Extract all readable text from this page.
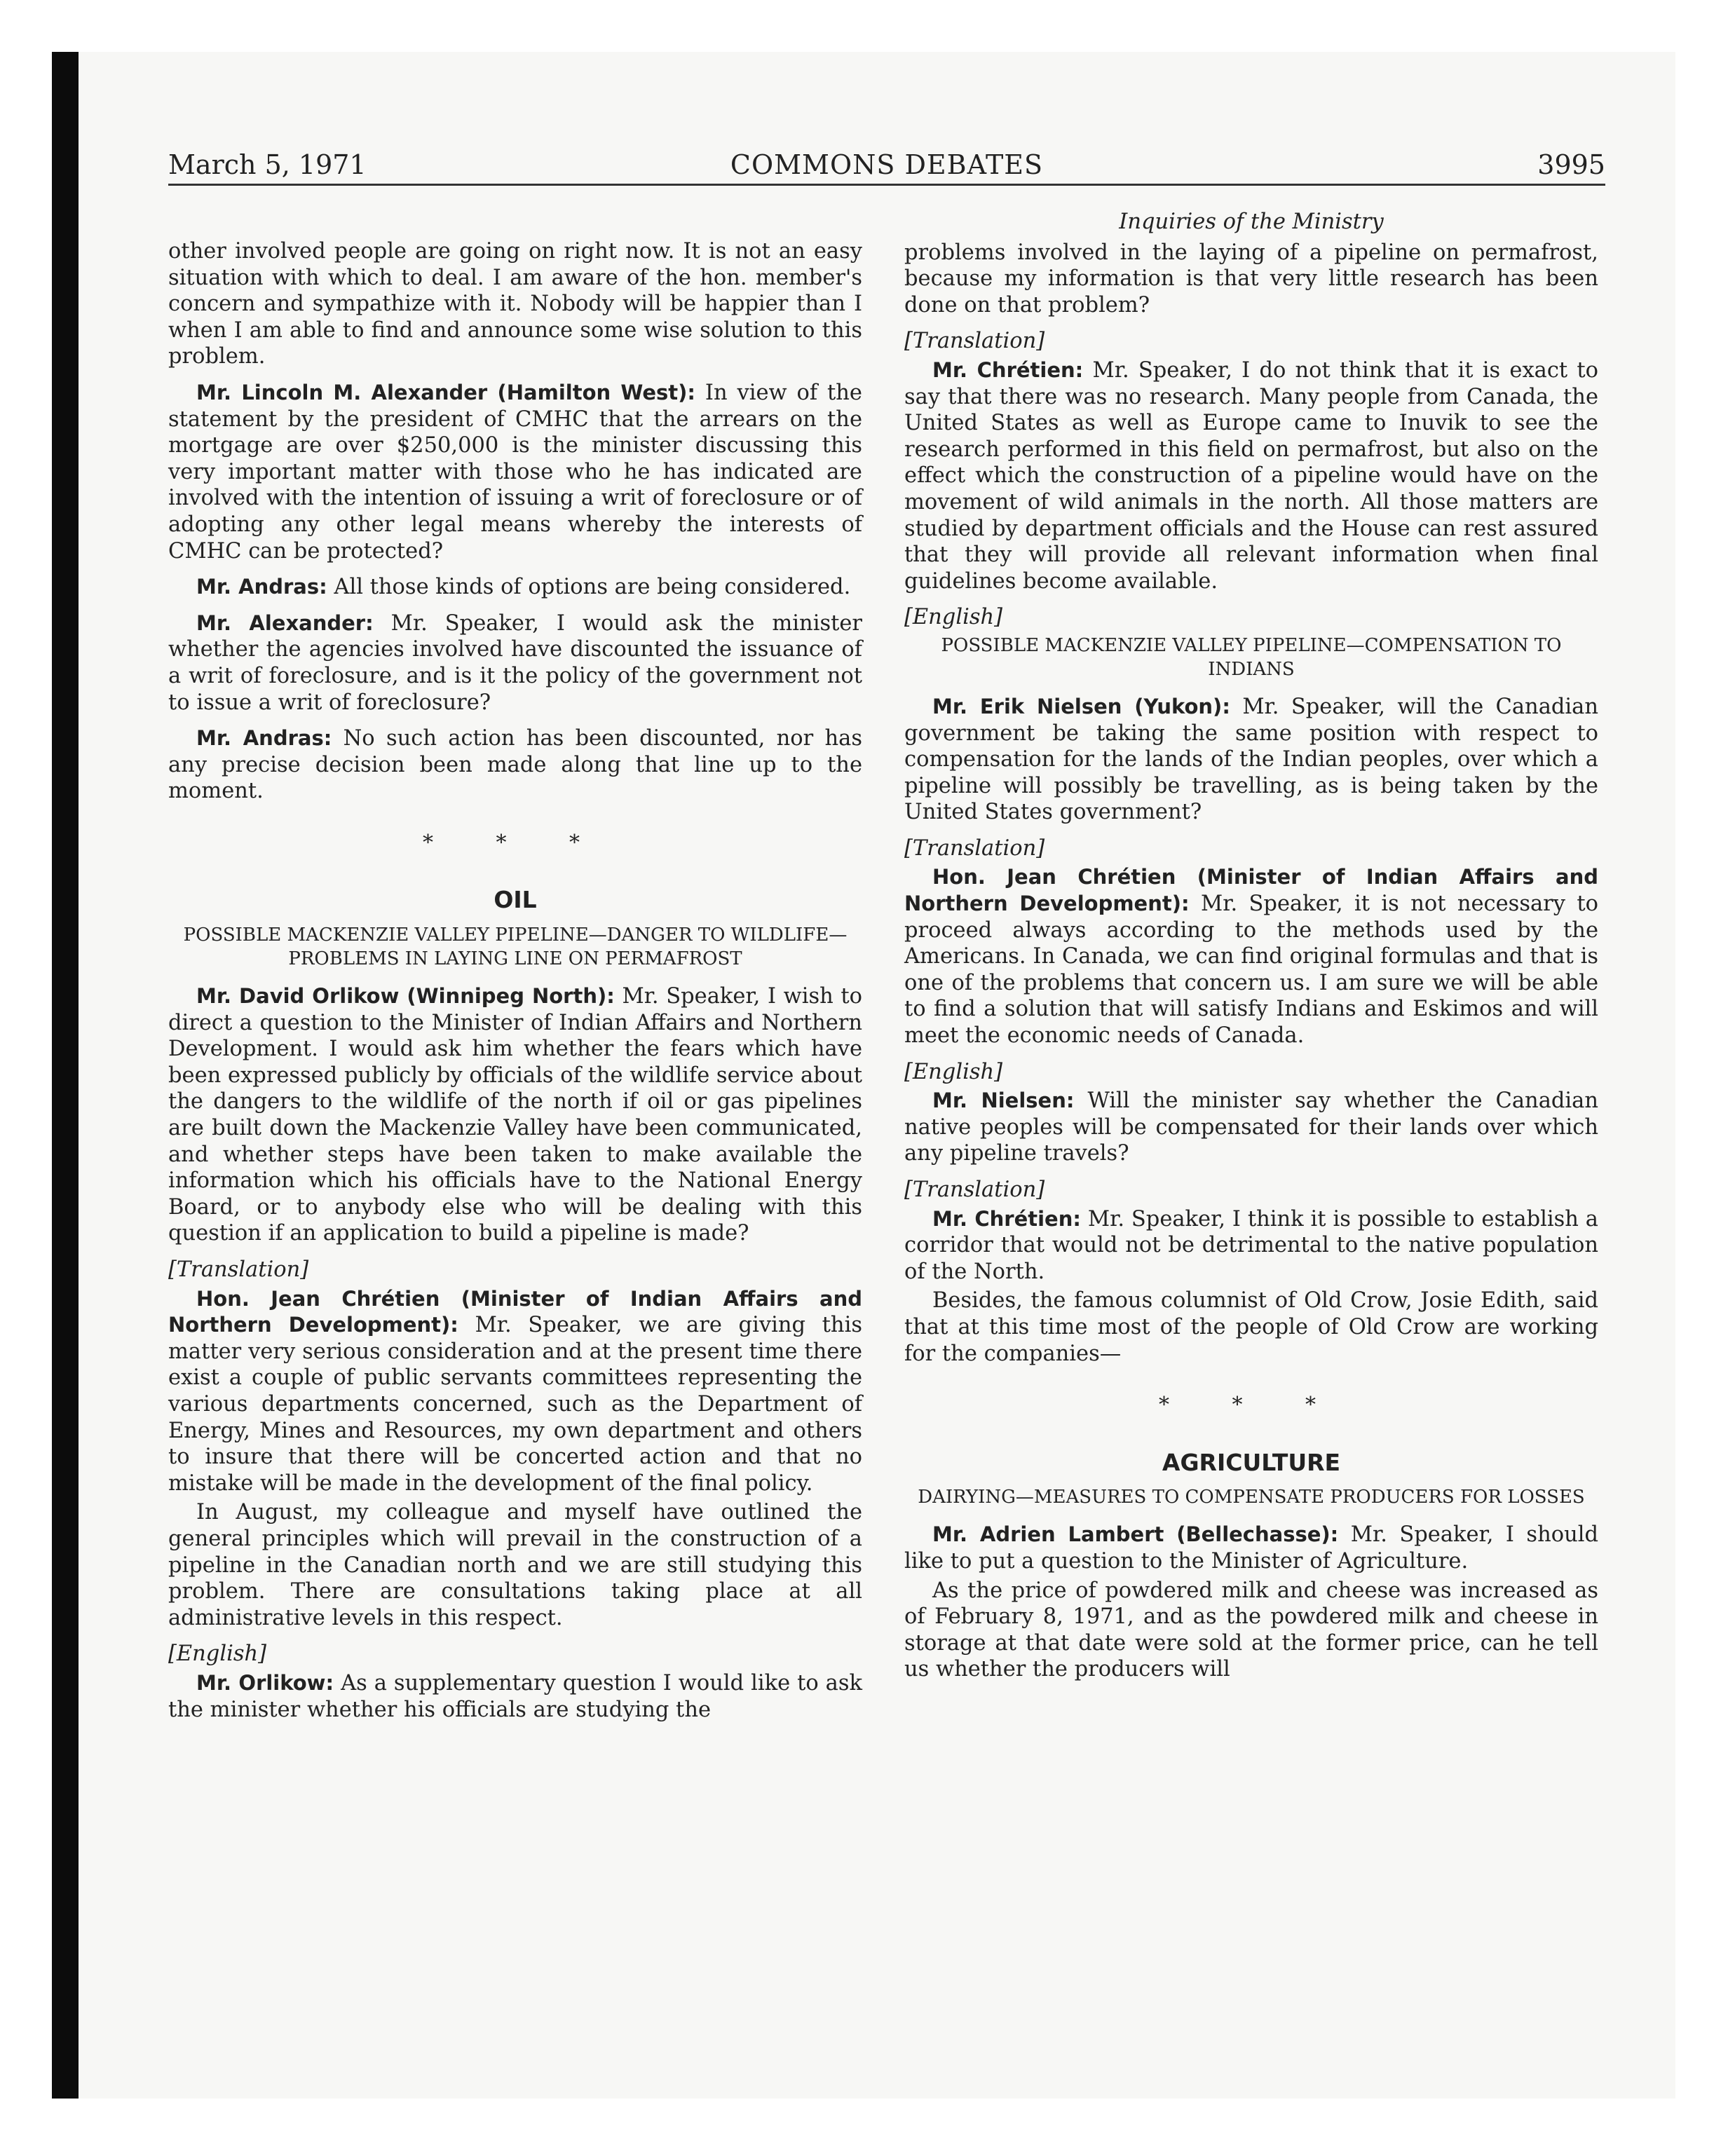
COMMONS DEBATES
March 5, 1971	3995

other involved people are going on right now. It is not an easy situation with which to deal. I am aware of the hon. member's concern and sympathize with it. Nobody will be happier than I when I am able to find and announce some wise solution to this problem.

Mr. Lincoln M. Alexander (Hamilton West): In view of the statement by the president of CMHC that the arrears on the mortgage are over $250,000 is the minister discussing this very important matter with those who he has indicated are involved with the intention of issuing a writ of foreclosure or of adopting any other legal means whereby the interests of CMHC can be protected?

Mr. Andras: All those kinds of options are being considered.

Mr. Alexander: Mr. Speaker, I would ask the minister whether the agencies involved have discounted the issuance of a writ of foreclosure, and is it the policy of the government not to issue a writ of foreclosure?

Mr. Andras: No such action has been discounted, nor has any precise decision been made along that line up to the moment.

* * *
OIL
POSSIBLE MACKENZIE VALLEY PIPELINE—DANGER TO WILDLIFE—PROBLEMS IN LAYING LINE ON PERMAFROST

Mr. David Orlikow (Winnipeg North): Mr. Speaker, I wish to direct a question to the Minister of Indian Affairs and Northern Development. I would ask him whether the fears which have been expressed publicly by officials of the wildlife service about the dangers to the wildlife of the north if oil or gas pipelines are built down the Mackenzie Valley have been communicated, and whether steps have been taken to make available the information which his officials have to the National Energy Board, or to anybody else who will be dealing with this question if an application to build a pipeline is made?

[Translation]

Hon. Jean Chrétien (Minister of Indian Affairs and Northern Development): Mr. Speaker, we are giving this matter very serious consideration and at the present time there exist a couple of public servants committees representing the various departments concerned, such as the Department of Energy, Mines and Resources, my own department and others to insure that there will be concerted action and that no mistake will be made in the development of the final policy.

In August, my colleague and myself have outlined the general principles which will prevail in the construction of a pipeline in the Canadian north and we are still studying this problem. There are consultations taking place at all administrative levels in this respect.

[English]

Mr. Orlikow: As a supplementary question I would like to ask the minister whether his officials are studying the

Inquiries of the Ministry

problems involved in the laying of a pipeline on permafrost, because my information is that very little research has been done on that problem?

[Translation]

Mr. Chrétien: Mr. Speaker, I do not think that it is exact to say that there was no research. Many people from Canada, the United States as well as Europe came to Inuvik to see the research performed in this field on permafrost, but also on the effect which the construction of a pipeline would have on the movement of wild animals in the north. All those matters are studied by department officials and the House can rest assured that they will provide all relevant information when final guidelines become available.

[English]
POSSIBLE MACKENZIE VALLEY PIPELINE—COMPENSATION TO INDIANS

Mr. Erik Nielsen (Yukon): Mr. Speaker, will the Canadian government be taking the same position with respect to compensation for the lands of the Indian peoples, over which a pipeline will possibly be travelling, as is being taken by the United States government?

[Translation]

Hon. Jean Chrétien (Minister of Indian Affairs and Northern Development): Mr. Speaker, it is not necessary to proceed always according to the methods used by the Americans. In Canada, we can find original formulas and that is one of the problems that concern us. I am sure we will be able to find a solution that will satisfy Indians and Eskimos and will meet the economic needs of Canada.

[English]

Mr. Nielsen: Will the minister say whether the Canadian native peoples will be compensated for their lands over which any pipeline travels?

[Translation]

Mr. Chrétien: Mr. Speaker, I think it is possible to establish a corridor that would not be detrimental to the native population of the North.

Besides, the famous columnist of Old Crow, Josie Edith, said that at this time most of the people of Old Crow are working for the companies—

* * *
AGRICULTURE
DAIRYING—MEASURES TO COMPENSATE PRODUCERS FOR LOSSES

Mr. Adrien Lambert (Bellechasse): Mr. Speaker, I should like to put a question to the Minister of Agriculture.

As the price of powdered milk and cheese was increased as of February 8, 1971, and as the powdered milk and cheese in storage at that date were sold at the former price, can he tell us whether the producers will
